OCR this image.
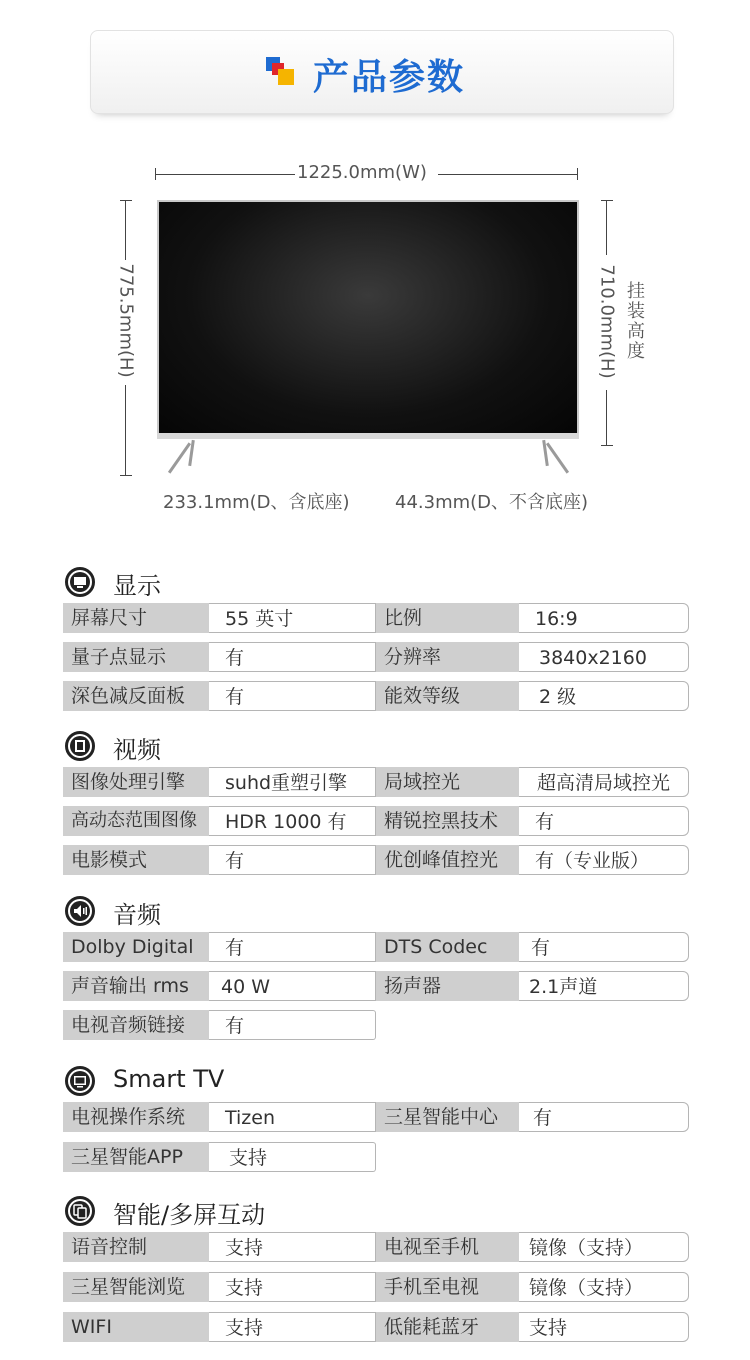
产品参数
1225.0mm(W)
775.5mm(H)	710.0mm(H) 挂
装
高
度
233.1mm(D、含底座)	44.3mm(D、不含底座)
显示
屏幕尺寸	55 英寸	比例	16:9
量子点显示	有	分辨率	3840x2160
深色减反面板	有	能效等级	2 级
视频
图像处理引擎	suhd重塑引擎	局域控光	超高清局域控光
高动态范围图像	HDR 1000 有	精锐控黑技术	有
电影模式	有	优创峰值控光	有（专业版）
音频
Dolby Digital	有	DTS Codec	有
声音输出 rms	40 W	扬声器	2.1声道
电视音频链接	有
Smart TV
电视操作系统	Tizen	三星智能中心	有
三星智能APP	支持
智能/多屏互动
语音控制	支持	电视至手机	镜像（支持）
三星智能浏览	支持	手机至电视	镜像（支持）
WIFI	支持	低能耗蓝牙	支持
